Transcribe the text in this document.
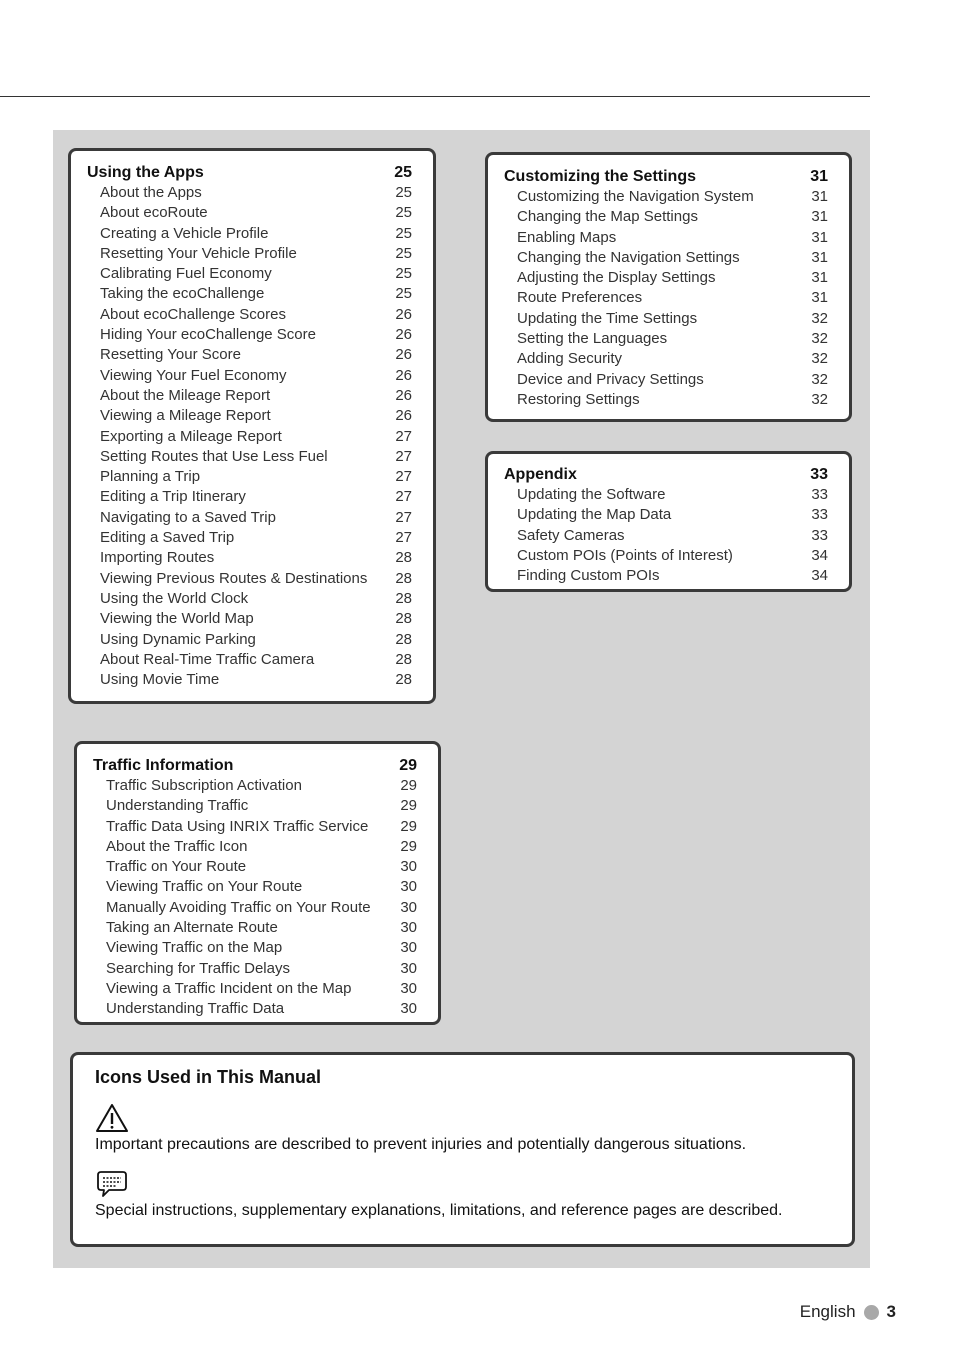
Using the Apps	25
About the Apps	25
About ecoRoute	25
Creating a Vehicle Profile	25
Resetting Your Vehicle Profile	25
Calibrating Fuel Economy	25
Taking the ecoChallenge	25
About ecoChallenge Scores	26
Hiding Your ecoChallenge Score	26
Resetting Your Score	26
Viewing Your Fuel Economy	26
About the Mileage Report	26
Viewing a Mileage Report	26
Exporting a Mileage Report	27
Setting Routes that Use Less Fuel	27
Planning a Trip	27
Editing a Trip Itinerary	27
Navigating to a Saved Trip	27
Editing a Saved Trip	27
Importing Routes	28
Viewing Previous Routes & Destinations 28
Using the World Clock	28
Viewing the World Map	28
Using Dynamic Parking	28
About Real-Time Traffic Camera	28
Using Movie Time	28
Customizing the Settings	31
Customizing the Navigation System	31
Changing the Map Settings	31
Enabling Maps	31
Changing the Navigation Settings	31
Adjusting the Display Settings	31
Route Preferences	31
Updating the Time Settings	32
Setting the Languages	32
Adding Security	32
Device and Privacy Settings	32
Restoring Settings	32
Appendix	33
Updating the Software	33
Updating the Map Data	33
Safety Cameras	33
Custom POIs (Points of Interest)	34
Finding Custom POIs	34
Traffic Information	29
Traffic Subscription Activation	29
Understanding Traffic	29
Traffic Data Using INRIX Traffic Service 29
About the Traffic Icon	29
Traffic on Your Route	30
Viewing Traffic on Your Route	30
Manually Avoiding Traffic on Your Route 30
Taking an Alternate Route	30
Viewing Traffic on the Map	30
Searching for Traffic Delays	30
Viewing a Traffic Incident on the Map	30
Understanding Traffic Data	30
Icons Used in This Manual
Important precautions are described to prevent injuries and potentially dangerous situations.
Special instructions, supplementary explanations, limitations, and reference pages are described.
English 3
